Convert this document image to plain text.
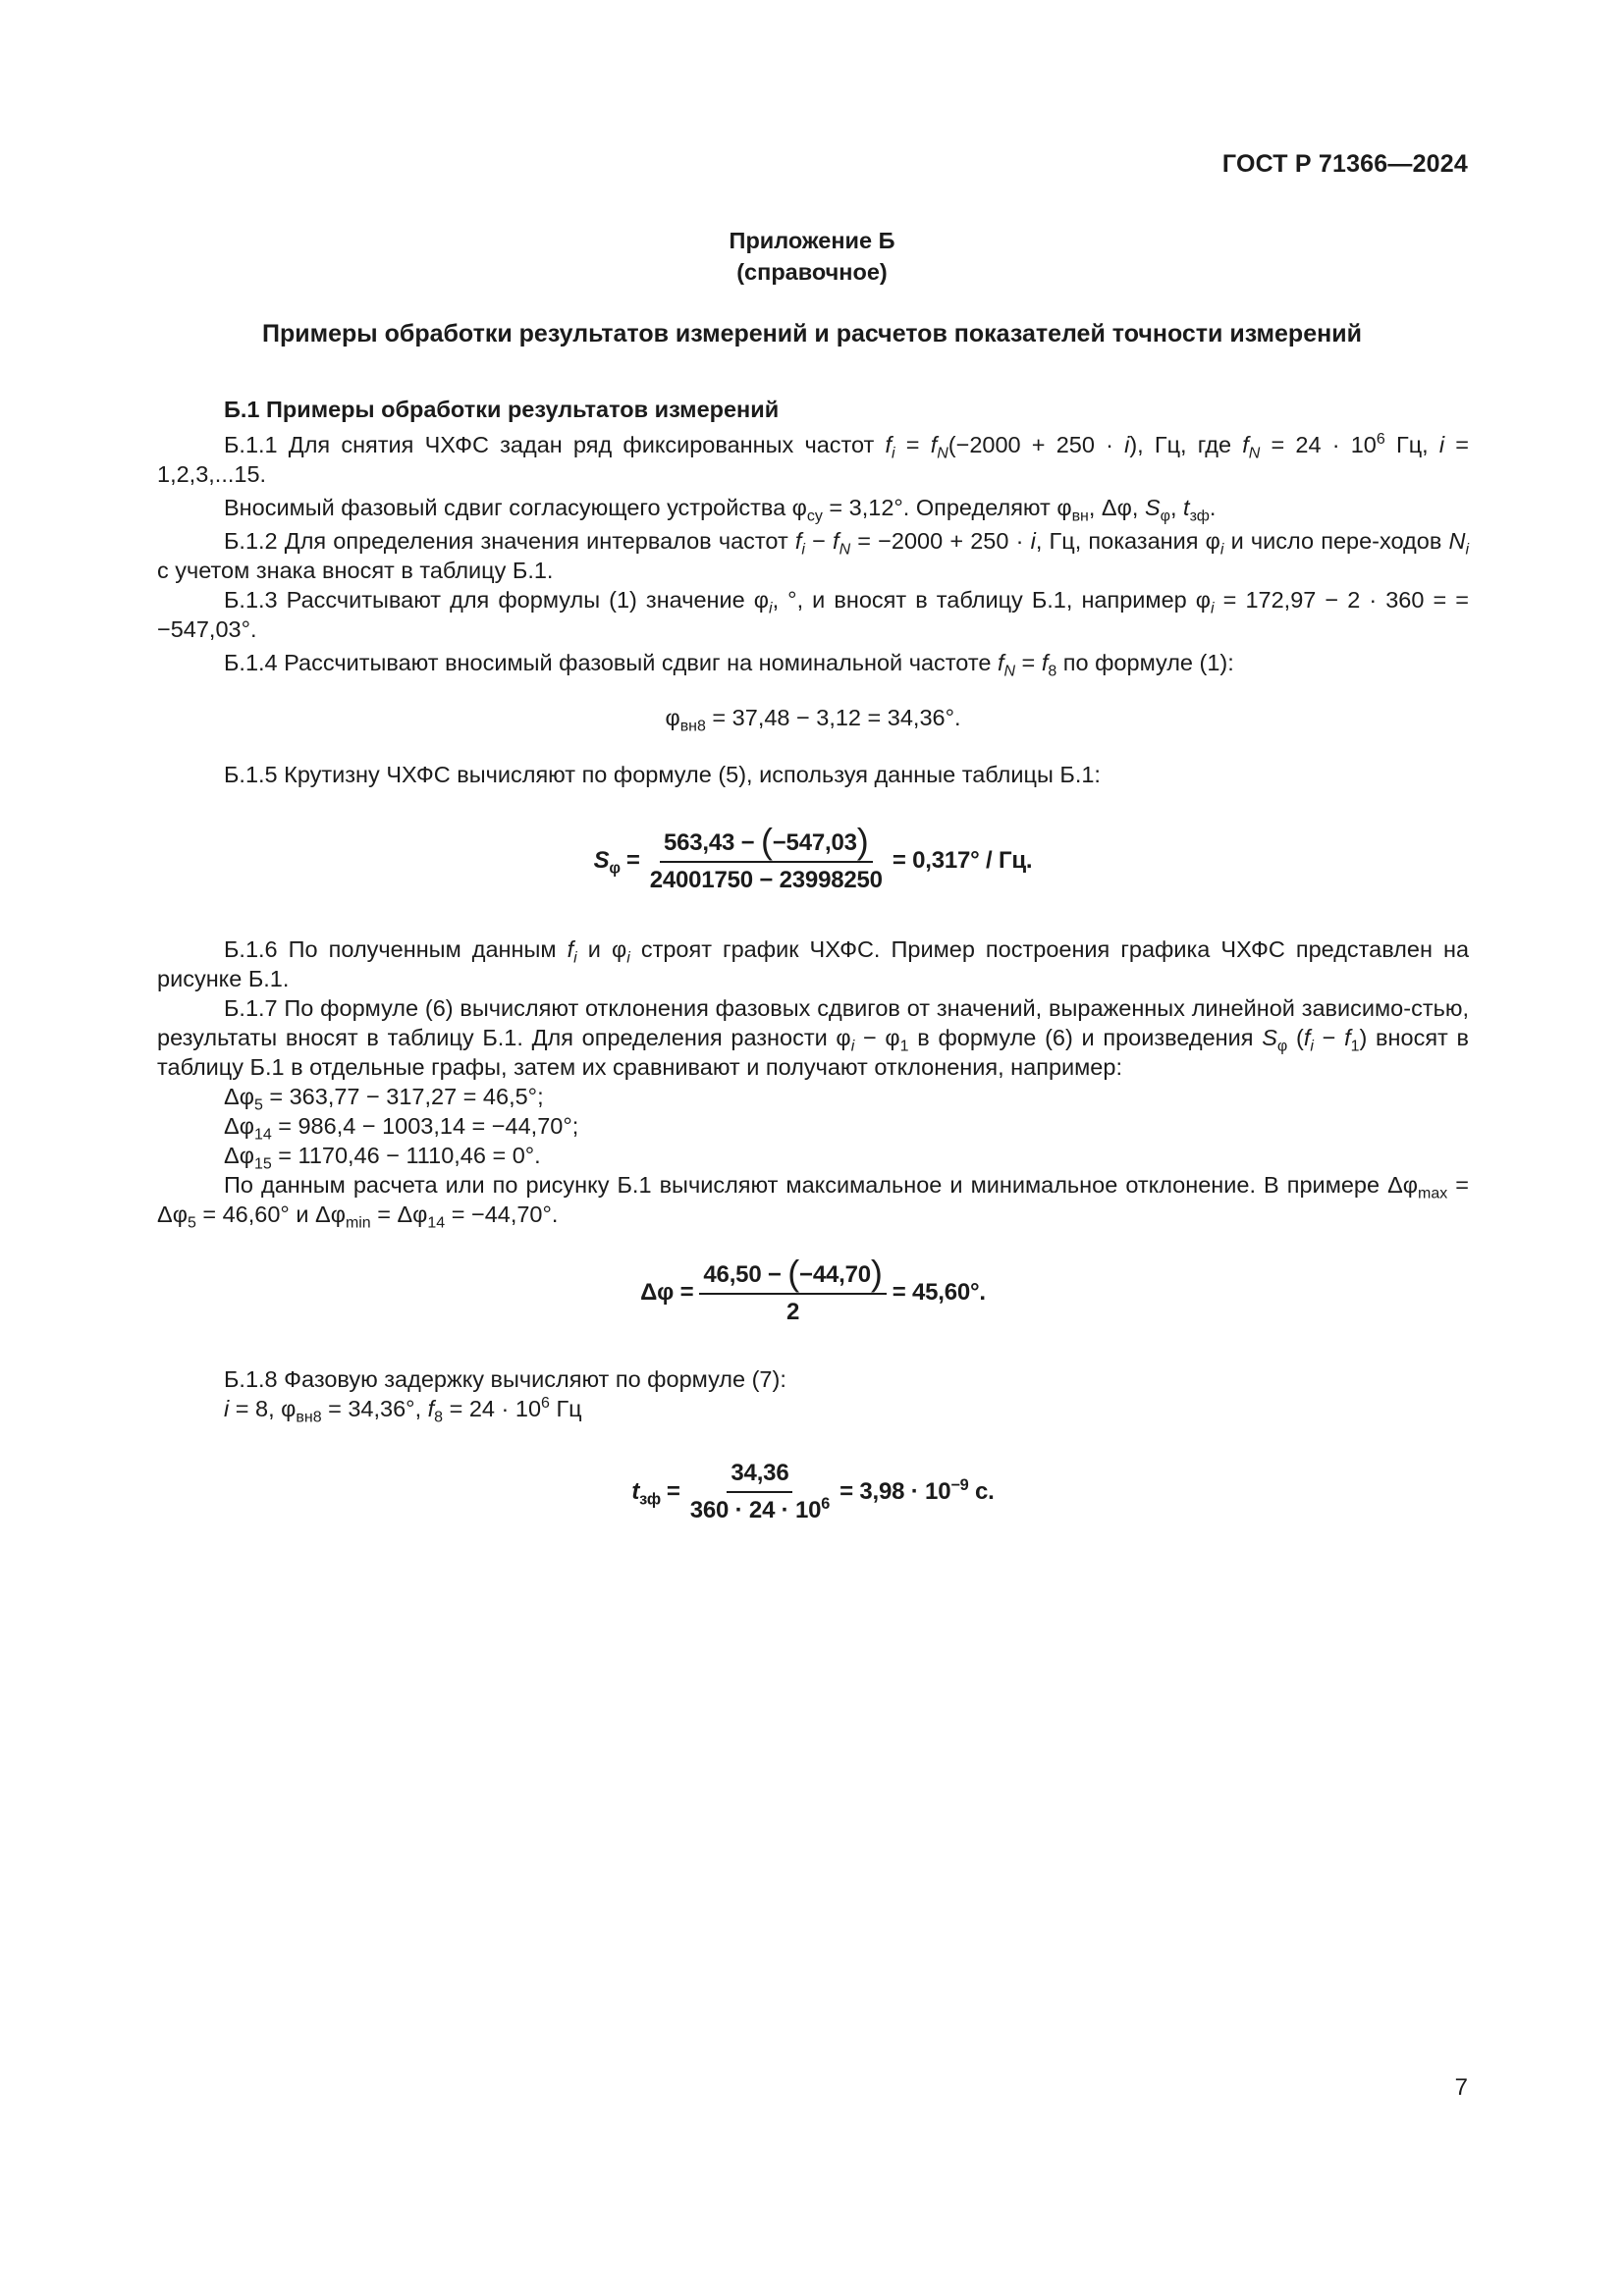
ГОСТ Р 71366—2024
Приложение Б
(справочное)
Примеры обработки результатов измерений и расчетов показателей точности измерений

Б.1 Примеры обработки результатов измерений

Б.1.1 Для снятия ЧХФС задан ряд фиксированных частот $f_i = f_N(-2000 + 250 \cdot i)$, Гц, где $f_N = 24 \cdot 10^6$ Гц, i = 1,2,3,...15.

Вносимый фазовый сдвиг согласующего устройства $\varphi_{су} = 3,12^\circ$. Определяют $\varphi_{вн}$, Δφ, $S_\varphi$, $t_{зф}$.

Б.1.2 Для определения значения интервалов частот $f_i - f_N = -2000 + 250 \cdot i$, Гц, показания $\varphi_i$ и число пере-ходов $N_i$ с учетом знака вносят в таблицу Б.1.

Б.1.3 Рассчитывают для формулы (1) значение $\varphi_i$, °, и вносят в таблицу Б.1, например $\varphi_i = 172,97 - 2 \cdot 360$ = = −547,03°.

Б.1.4 Рассчитывают вносимый фазовый сдвиг на номинальной частоте $f_N = f_8$ по формуле (1):

$\varphi_{вн8} = 37,48 - 3,12 = 34,36^\circ$.

Б.1.5 Крутизну ЧХФС вычисляют по формуле (5), используя данные таблицы Б.1:

$S_\varphi = \frac{563,43 - (-547,03)}{24001750 - 23998250} = 0,317^\circ$ / Гц.

Б.1.6 По полученным данным $f_i$ и $\varphi_i$ строят график ЧХФС. Пример построения графика ЧХФС представлен на рисунке Б.1.

Б.1.7 По формуле (6) вычисляют отклонения фазовых сдвигов от значений, выраженных линейной зависимо-стью, результаты вносят в таблицу Б.1. Для определения разности $\varphi_i - \varphi_1$ в формуле (6) и произведения $S_\varphi$ $(f_i - f_1)$ вносят в таблицу Б.1 в отдельные графы, затем их сравнивают и получают отклонения, например:

$\Delta\varphi_5 = 363,77 - 317,27 = 46,5^\circ$;

$\Delta\varphi_{14} = 986,4 - 1003,14 = -44,70^\circ$;

$\Delta\varphi_{15} = 1170,46 - 1110,46 = 0^\circ$.

По данным расчета или по рисунку Б.1 вычисляют максимальное и минимальное отклонение. В примере $\Delta\varphi_{max} = \Delta\varphi_5 = 46,60^\circ$ и $\Delta\varphi_{min} = \Delta\varphi_{14} = -44,70^\circ$.

$\Delta\varphi = \frac{46,50 - (-44,70)}{2} = 45,60^\circ$.

Б.1.8 Фазовую задержку вычисляют по формуле (7):

i = 8, $\varphi_{вн8} = 34,36^\circ$, $f_8 = 24 \cdot 10^6$ Гц

$t_{зф} = \frac{34,36}{360 \cdot 24 \cdot 10^6} = 3,98 \cdot 10^{-9}$ с.
7
